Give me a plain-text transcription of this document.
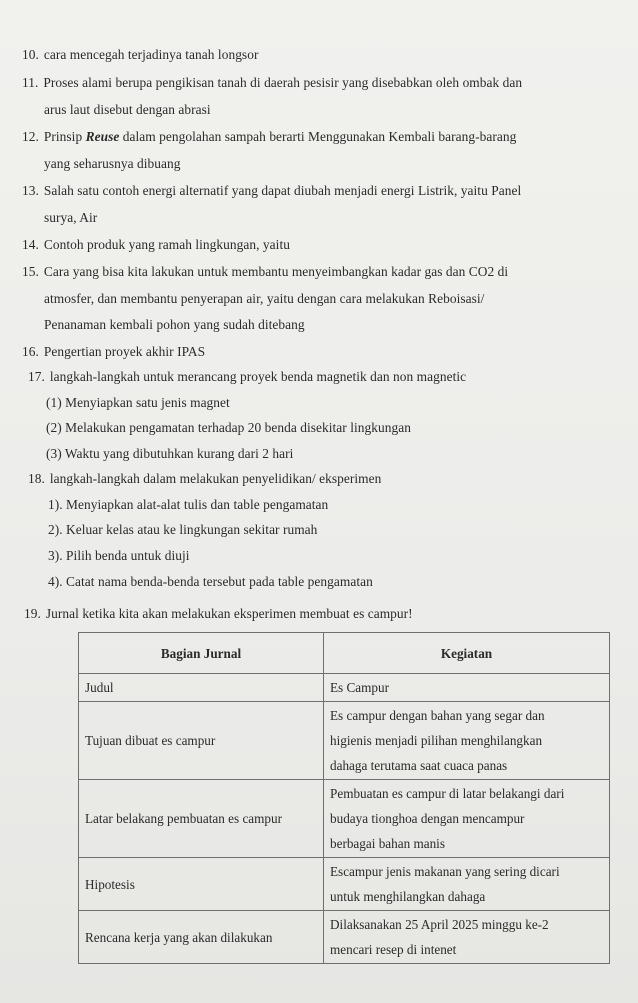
10. cara mencegah terjadinya tanah longsor
11. Proses alami berupa pengikisan tanah di daerah pesisir yang disebabkan oleh ombak dan
arus laut disebut dengan abrasi
12. Prinsip Reuse dalam pengolahan sampah berarti Menggunakan Kembali barang-barang
yang seharusnya dibuang
13. Salah satu contoh energi alternatif yang dapat diubah menjadi energi Listrik, yaitu Panel
surya, Air
14. Contoh produk yang ramah lingkungan, yaitu
15. Cara yang bisa kita lakukan untuk membantu menyeimbangkan kadar gas dan CO2 di
atmosfer, dan membantu penyerapan air, yaitu dengan cara melakukan Reboisasi/
Penanaman kembali pohon yang sudah ditebang
16. Pengertian proyek akhir IPAS
17. langkah-langkah untuk merancang proyek benda magnetik dan non magnetic
(1) Menyiapkan satu jenis magnet
(2) Melakukan pengamatan terhadap 20 benda disekitar lingkungan
(3) Waktu yang dibutuhkan kurang dari 2 hari
18. langkah-langkah dalam melakukan penyelidikan/ eksperimen
1). Menyiapkan alat-alat tulis dan table pengamatan
2). Keluar kelas atau ke lingkungan sekitar rumah
3). Pilih benda untuk diuji
4). Catat nama benda-benda tersebut pada table pengamatan
19. Jurnal ketika kita akan melakukan eksperimen membuat es campur!
Bagian Jurnal	Kegiatan
Judul	Es Campur

Tujuan dibuat es campur	Es campur dengan bahan yang segar dan
higienis menjadi pilihan menghilangkan
dahaga terutama saat cuaca panas

Latar belakang pembuatan es campur	Pembuatan es campur di latar belakangi dari
budaya tionghoa dengan mencampur
berbagai bahan manis

Hipotesis	Escampur jenis makanan yang sering dicari
untuk menghilangkan dahaga

Rencana kerja yang akan dilakukan	Dilaksanakan 25 April 2025 minggu ke-2
mencari resep di intenet
